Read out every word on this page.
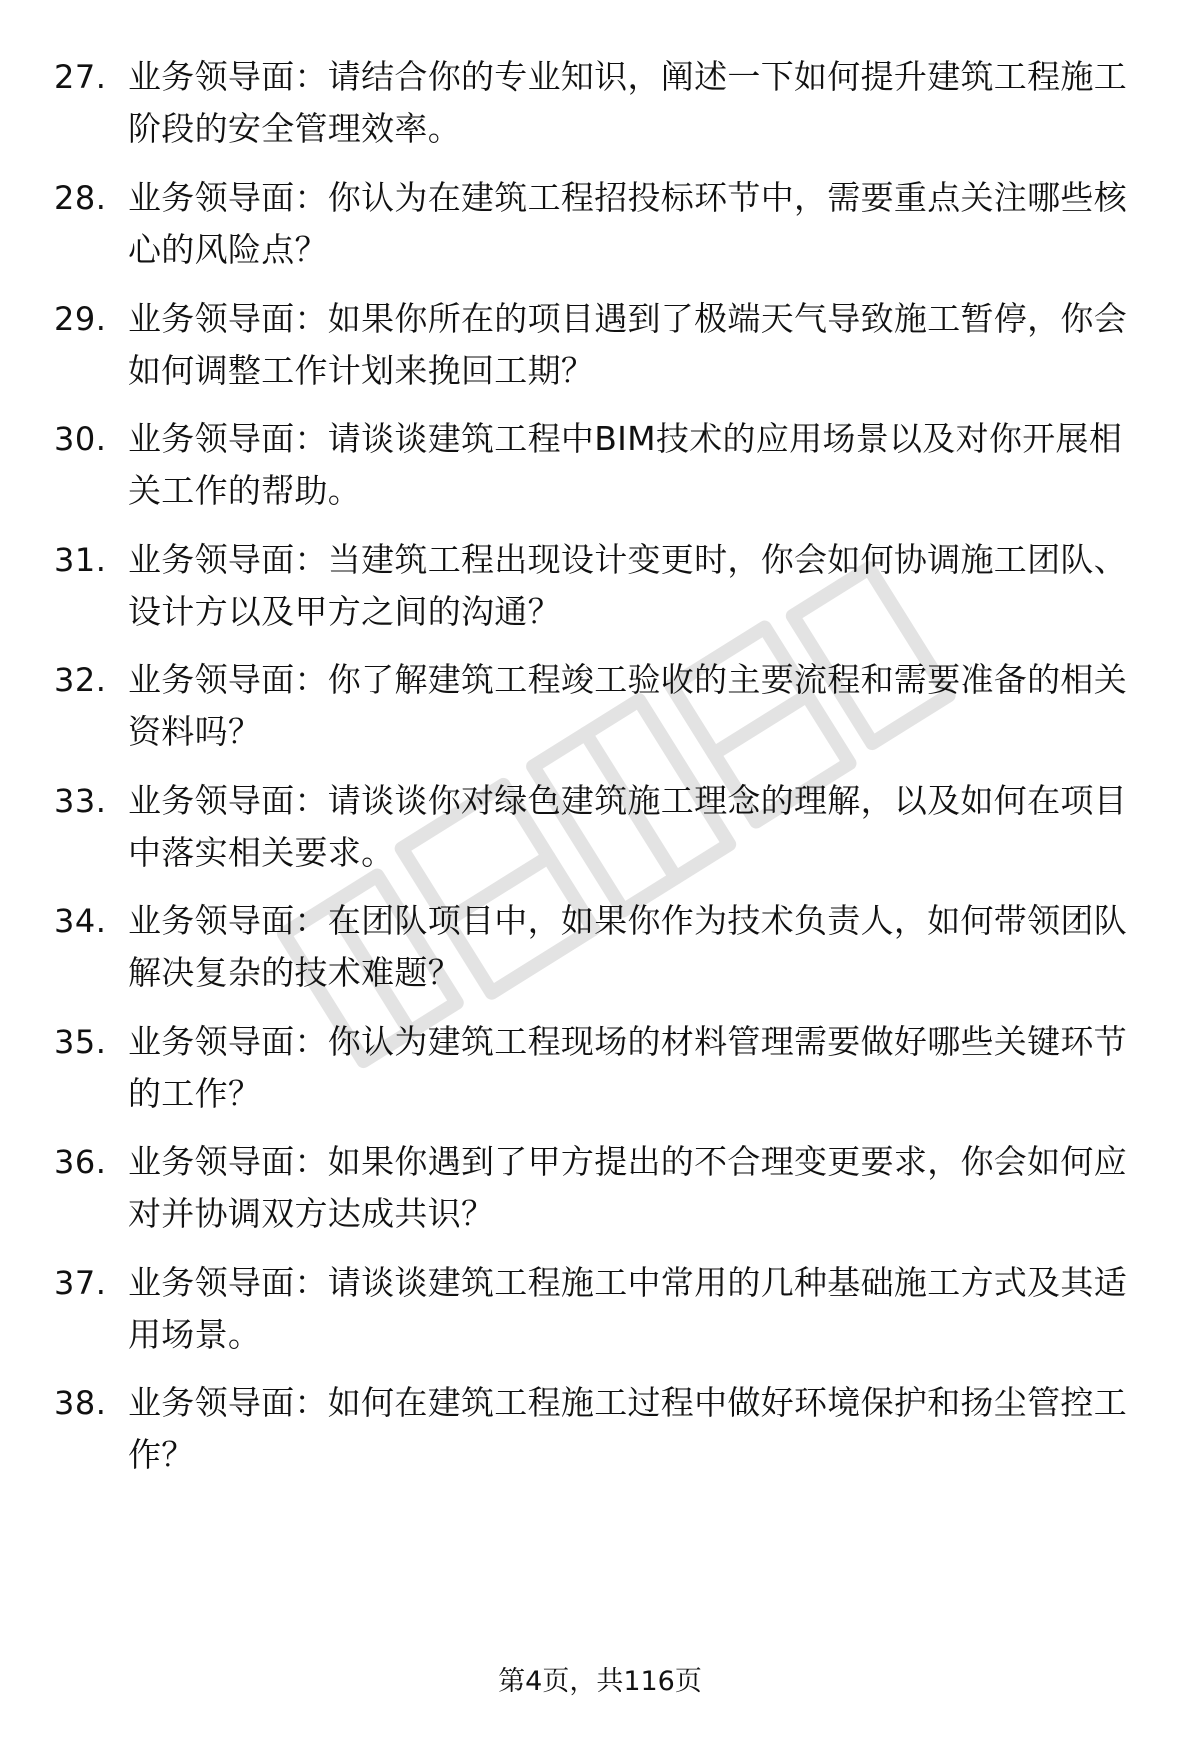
27. 业务领导面：请结合你的专业知识，阐述一下如何提升建筑工程施工阶段的安全管理效率。
28. 业务领导面：你认为在建筑工程招投标环节中，需要重点关注哪些核心的风险点？
29. 业务领导面：如果你所在的项目遇到了极端天气导致施工暂停，你会如何调整工作计划来挽回工期？
30. 业务领导面：请谈谈建筑工程中BIM技术的应用场景以及对你开展相关工作的帮助。
31. 业务领导面：当建筑工程出现设计变更时，你会如何协调施工团队、设计方以及甲方之间的沟通？
32. 业务领导面：你了解建筑工程竣工验收的主要流程和需要准备的相关资料吗？
33. 业务领导面：请谈谈你对绿色建筑施工理念的理解，以及如何在项目中落实相关要求。
34. 业务领导面：在团队项目中，如果你作为技术负责人，如何带领团队解决复杂的技术难题？
35. 业务领导面：你认为建筑工程现场的材料管理需要做好哪些关键环节的工作？
36. 业务领导面：如果你遇到了甲方提出的不合理变更要求，你会如何应对并协调双方达成共识？
37. 业务领导面：请谈谈建筑工程施工中常用的几种基础施工方式及其适用场景。
38. 业务领导面：如何在建筑工程施工过程中做好环境保护和扬尘管控工作？
第4页，共116页
